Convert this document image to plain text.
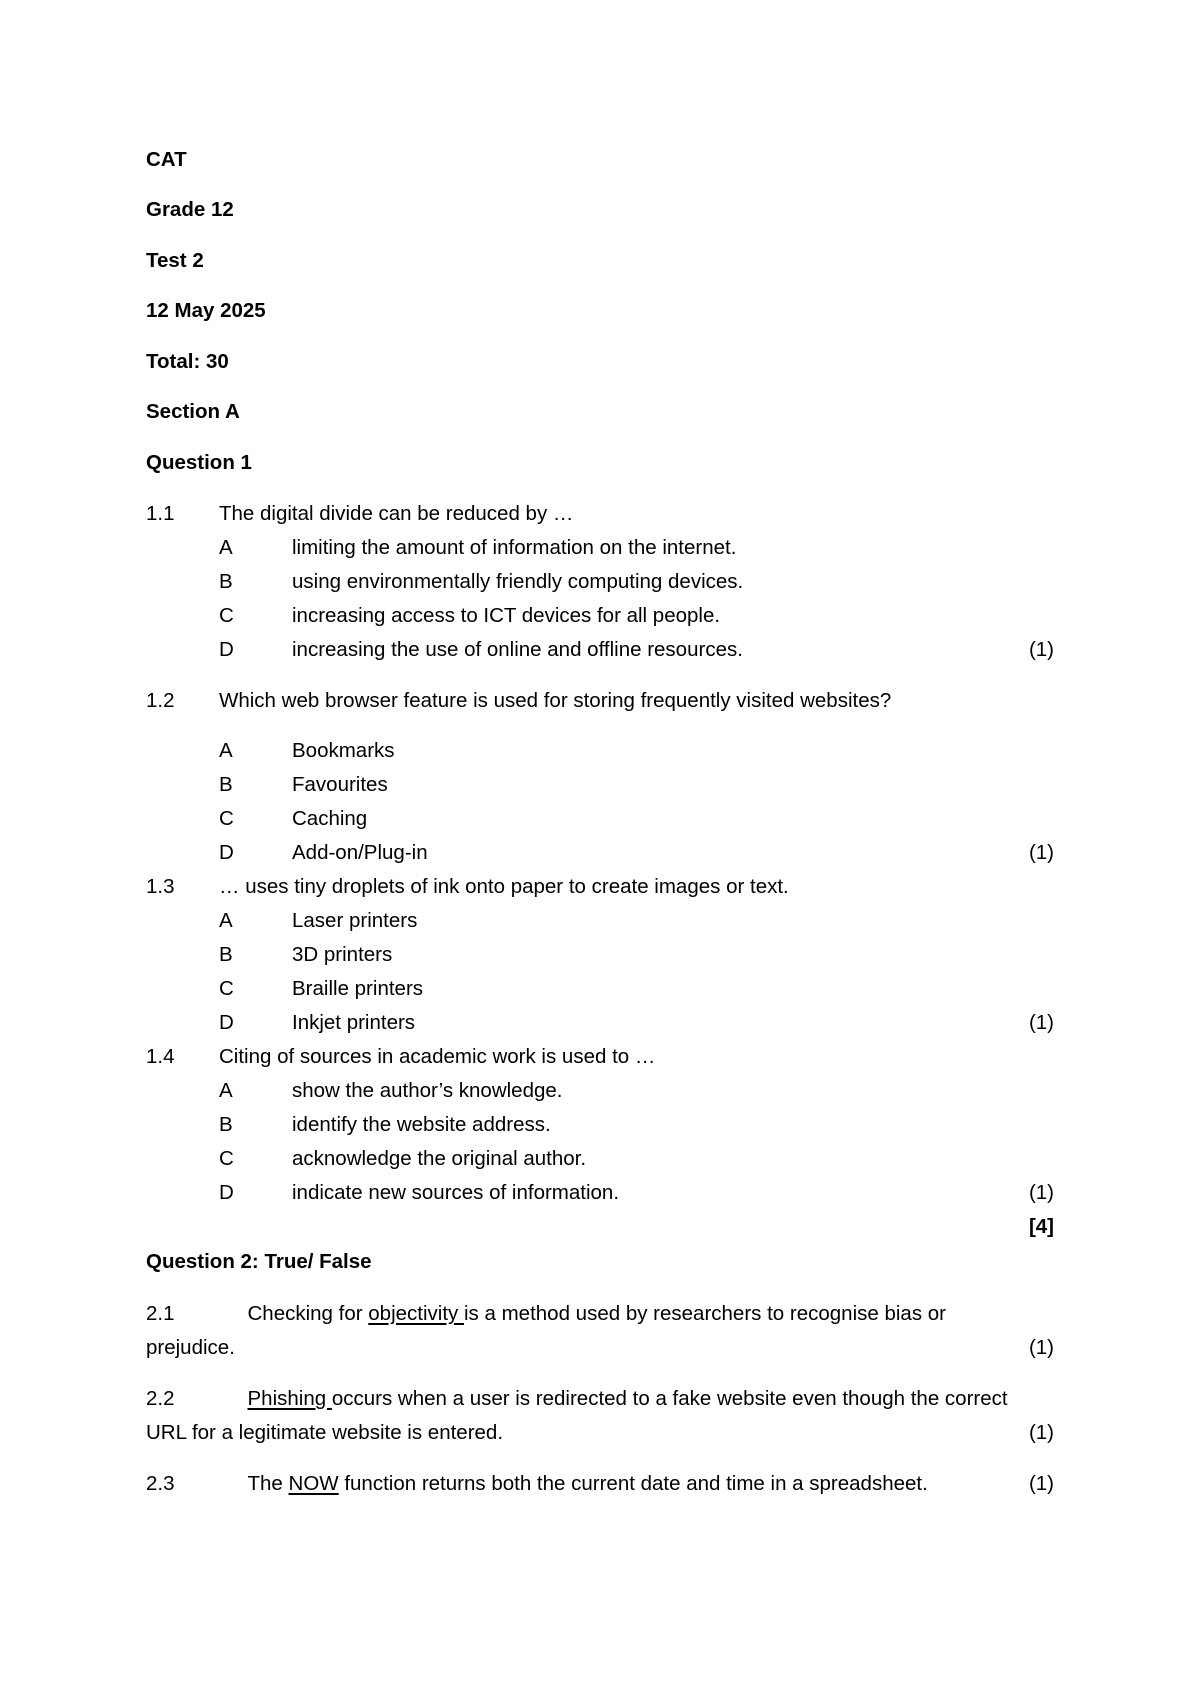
CAT
Grade 12
Test 2
12 May 2025
Total: 30
Section A
Question 1
1.1 The digital divide can be reduced by …
A	limiting the amount of information on the internet.
B	using environmentally friendly computing devices.
C	increasing access to ICT devices for all people.
D	increasing the use of online and offline resources.	(1)
1.2 Which web browser feature is used for storing frequently visited websites?
A	Bookmarks
B	Favourites
C	Caching
D	Add-on/Plug-in	(1)
1.3 … uses tiny droplets of ink onto paper to create images or text.
A	Laser printers
B	3D printers
C	Braille printers
D	Inkjet printers	(1)
1.4 Citing of sources in academic work is used to …
A	show the author’s knowledge.
B	identify the website address.
C	acknowledge the original author.
D	indicate new sources of information.	(1)
[4]
Question 2: True/ False
2.1	Checking for objectivity is a method used by researchers to recognise bias or
prejudice.	(1)
2.2	Phishing occurs when a user is redirected to a fake website even though the correct
URL for a legitimate website is entered.	(1)
2.3	The NOW function returns both the current date and time in a spreadsheet.	(1)
